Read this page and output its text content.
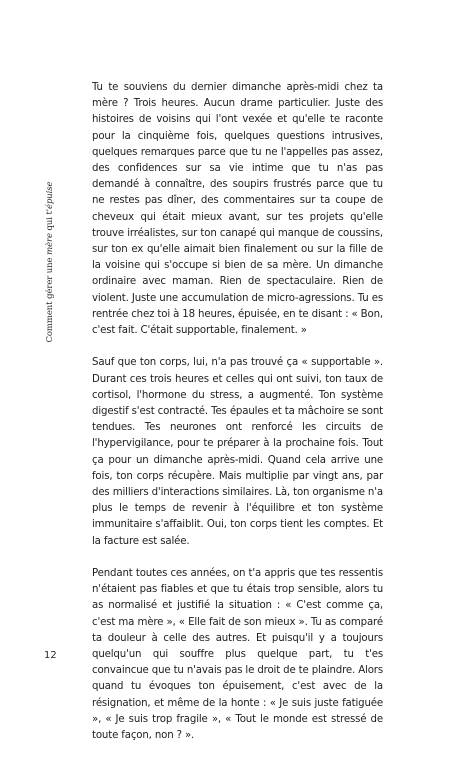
Comment gérer une mère qui t'épuise

Tu te souviens du dernier dimanche après-midi chez ta mère ? Trois heures. Aucun drame particulier. Juste des histoires de voisins qui l'ont vexée et qu'elle te raconte pour la cinquième fois, quelques questions intrusives, quelques remarques parce que tu ne l'appelles pas assez, des confidences sur sa vie intime que tu n'as pas demandé à connaître, des soupirs frustrés parce que tu ne restes pas dîner, des commentaires sur ta coupe de cheveux qui était mieux avant, sur tes projets qu'elle trouve irréalistes, sur ton canapé qui manque de coussins, sur ton ex qu'elle aimait bien finalement ou sur la fille de la voisine qui s'occupe si bien de sa mère. Un dimanche ordinaire avec maman. Rien de spectaculaire. Rien de violent. Juste une accumulation de micro-agressions. Tu es rentrée chez toi à 18 heures, épuisée, en te disant : « Bon, c'est fait. C'était supportable, finalement. »

Sauf que ton corps, lui, n'a pas trouvé ça « supportable ». Durant ces trois heures et celles qui ont suivi, ton taux de cortisol, l'hormone du stress, a augmenté. Ton système digestif s'est contracté. Tes épaules et ta mâchoire se sont tendues. Tes neurones ont renforcé les circuits de l'hypervigilance, pour te préparer à la prochaine fois. Tout ça pour un dimanche après-midi. Quand cela arrive une fois, ton corps récupère. Mais multiplie par vingt ans, par des milliers d'interactions similaires. Là, ton organisme n'a plus le temps de revenir à l'équilibre et ton système immunitaire s'affaiblit. Oui, ton corps tient les comptes. Et la facture est salée.

Pendant toutes ces années, on t'a appris que tes ressentis n'étaient pas fiables et que tu étais trop sensible, alors tu as normalisé et justifié la situation : « C'est comme ça, c'est ma mère », « Elle fait de son mieux ». Tu as comparé ta douleur à celle des autres. Et puisqu'il y a toujours quelqu'un qui souffre plus quelque part, tu t'es convaincue que tu n'avais pas le droit de te plaindre. Alors quand tu évoques ton épuisement, c'est avec de la résignation, et même de la honte : « Je suis juste fatiguée », « Je suis trop fragile », « Tout le monde est stressé de toute façon, non ? ».

12
